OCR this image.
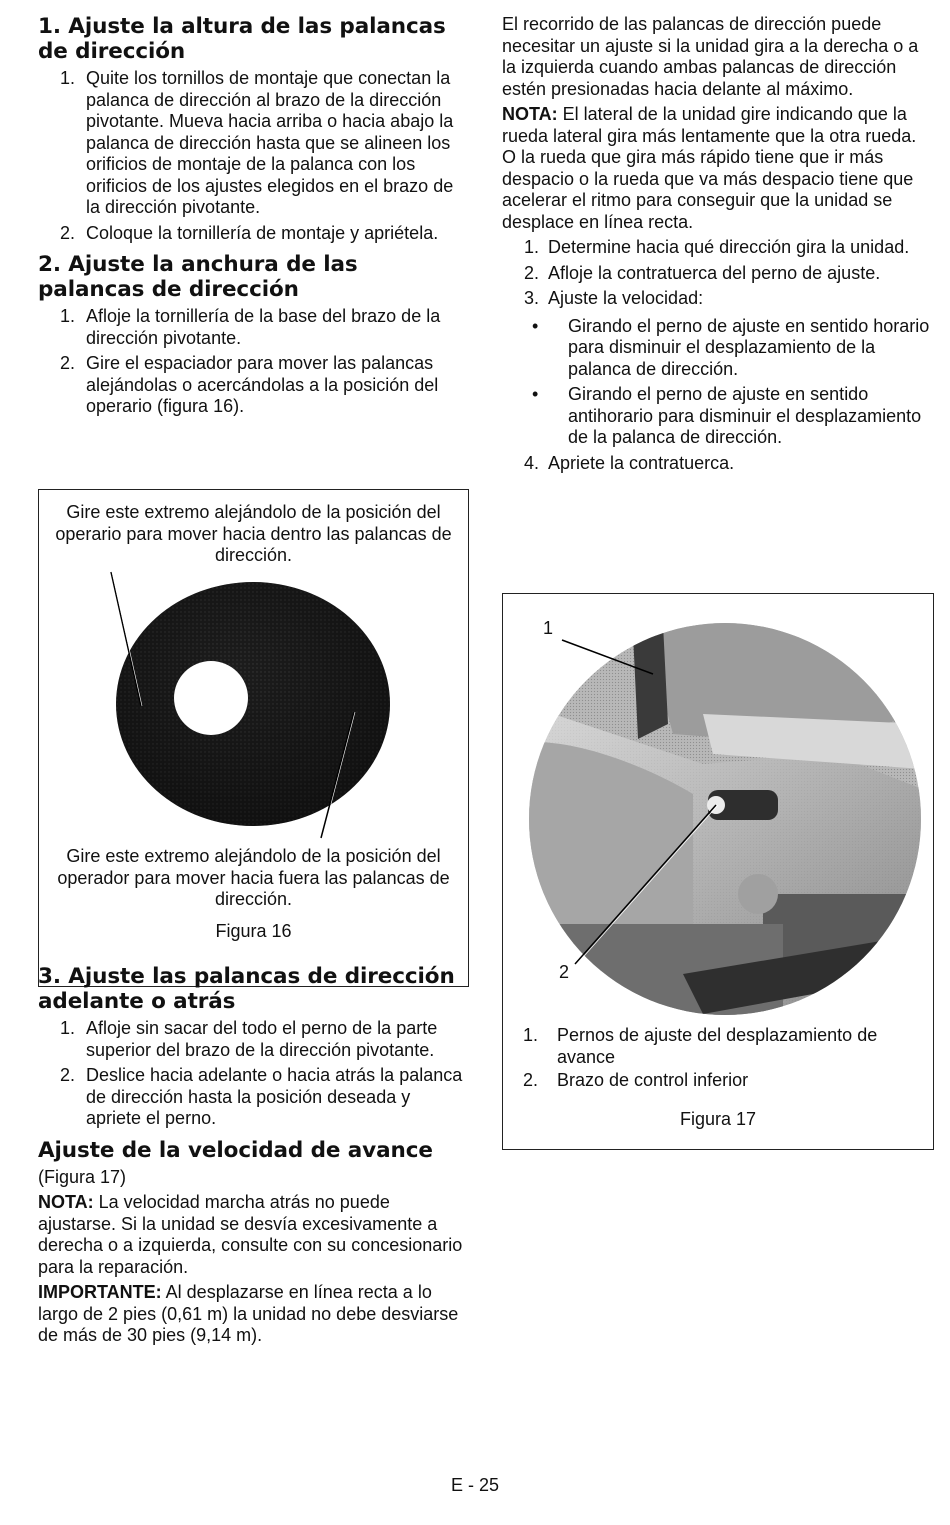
1. Ajuste la altura de las palancas de dirección
1. Quite los tornillos de montaje que conectan la palanca de dirección al brazo de la dirección pivotante. Mueva hacia arriba o hacia abajo la palanca de dirección hasta que se alineen los orificios de montaje de la palanca con los orificios de los ajustes elegidos en el brazo de la dirección pivotante.
2. Coloque la tornillería de montaje y apriétela.
2. Ajuste la anchura de las palancas de dirección
1. Afloje la tornillería de la base del brazo de la dirección pivotante.
2. Gire el espaciador para mover las palancas alejándolas o acercándolas a la posición del operario (figura 16).
Gire este extremo alejándolo de la posición del operario para mover hacia dentro las palancas de dirección.
Gire este extremo alejándolo de la posición del operador para mover hacia fuera las palancas de dirección.
Figura 16
3. Ajuste las palancas de dirección adelante o atrás
1. Afloje sin sacar del todo el perno de la parte superior del brazo de la dirección pivotante.
2. Deslice hacia adelante o hacia atrás la palanca de dirección hasta la posición deseada y apriete el perno.
Ajuste de la velocidad de avance

(Figura 17)

NOTA: La velocidad marcha atrás no puede ajustarse. Si la unidad se desvía excesivamente a derecha o a izquierda, consulte con su concesionario para la reparación.

IMPORTANTE: Al desplazarse en línea recta a lo largo de 2 pies (0,61 m) la unidad no debe desviarse de más de 30 pies (9,14 m).

El recorrido de las palancas de dirección puede necesitar un ajuste si la unidad gira a la derecha o a la izquierda cuando ambas palancas de dirección estén presionadas hacia delante al máximo.

NOTA: El lateral de la unidad gire indicando que la rueda lateral gira más lentamente que la otra rueda. O la rueda que gira más rápido tiene que ir más despacio o la rueda que va más despacio tiene que acelerar el ritmo para conseguir que la unidad se desplace en línea recta.

1. Determine hacia qué dirección gira la unidad.
2. Afloje la contratuerca del perno de ajuste.
3. Ajuste la velocidad:
• Girando el perno de ajuste en sentido horario para disminuir el desplazamiento de la palanca de dirección.
• Girando el perno de ajuste en sentido antihorario para disminuir el desplazamiento de la palanca de dirección.
4. Apriete la contratuerca.
1
2
1. Pernos de ajuste del desplazamiento de avance
2. Brazo de control inferior
Figura 17
E - 25
